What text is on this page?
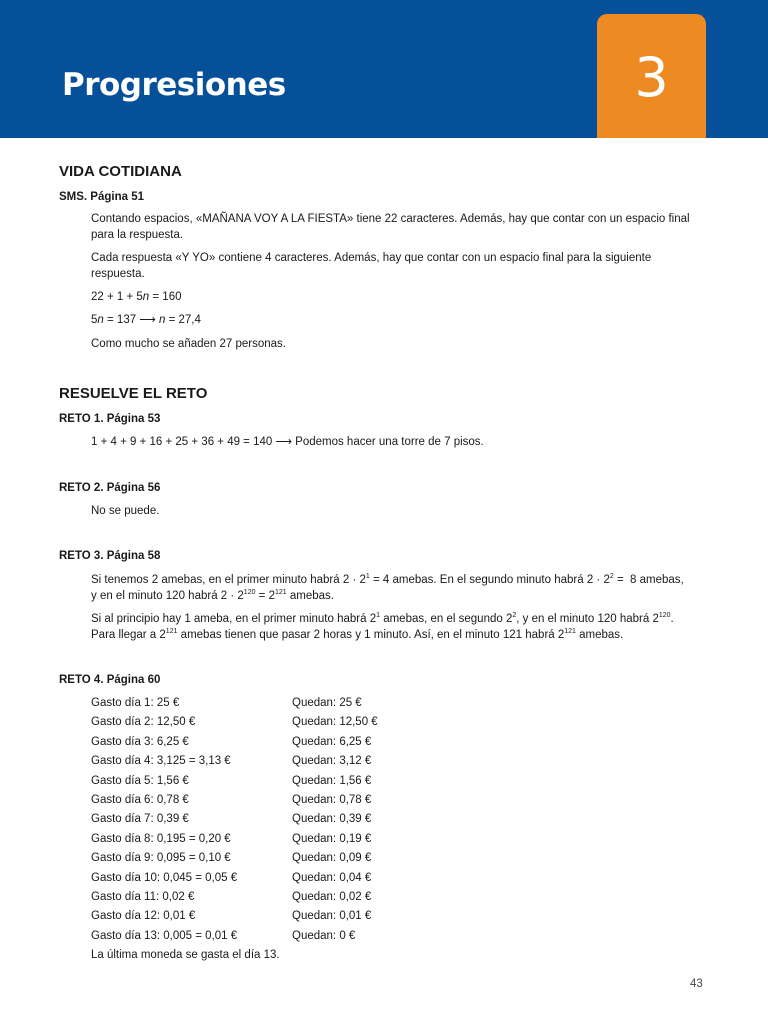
Progresiones	3
VIDA COTIDIANA
SMS. Página 51

Contando espacios, «MAÑANA VOY A LA FIESTA» tiene 22 caracteres. Además, hay que contar con un espacio final para la respuesta.

Cada respuesta «Y YO» contiene 4 caracteres. Además, hay que contar con un espacio final para la siguiente respuesta.

22 + 1 + 5n = 160

5n = 137 ⟶ n = 27,4

Como mucho se añaden 27 personas.

RESUELVE EL RETO
RETO 1. Página 53

1 + 4 + 9 + 16 + 25 + 36 + 49 = 140 ⟶ Podemos hacer una torre de 7 pisos.

RETO 2. Página 56

No se puede.

RETO 3. Página 58

Si tenemos 2 amebas, en el primer minuto habrá $2 \cdot 2^1 = 4$ amebas. En el segundo minuto habrá $2 \cdot 2^2 = 8$ amebas,

y en el minuto 120 habrá $2 \cdot 2^{120} = 2^{121}$ amebas.

Si al principio hay 1 ameba, en el primer minuto habrá $2^1$ amebas, en el segundo $2^2$, y en el minuto 120 habrá $2^{120}$.

Para llegar a $2^{121}$ amebas tienen que pasar 2 horas y 1 minuto. Así, en el minuto 121 habrá $2^{121}$ amebas.

RETO 4. Página 60
Gasto día 1: 25 €	Quedan: 25 €
Gasto día 2: 12,50 €	Quedan: 12,50 €
Gasto día 3: 6,25 €	Quedan: 6,25 €
Gasto día 4: 3,125 = 3,13 €	Quedan: 3,12 €
Gasto día 5: 1,56 €	Quedan: 1,56 €
Gasto día 6: 0,78 €	Quedan: 0,78 €
Gasto día 7: 0,39 €	Quedan: 0,39 €
Gasto día 8: 0,195 = 0,20 €	Quedan: 0,19 €
Gasto día 9: 0,095 = 0,10 €	Quedan: 0,09 €
Gasto día 10: 0,045 = 0,05 €	Quedan: 0,04 €
Gasto día 11: 0,02 €	Quedan: 0,02 €
Gasto día 12: 0,01 €	Quedan: 0,01 €
Gasto día 13: 0,005 = 0,01 €	Quedan: 0 €

La última moneda se gasta el día 13.

43
